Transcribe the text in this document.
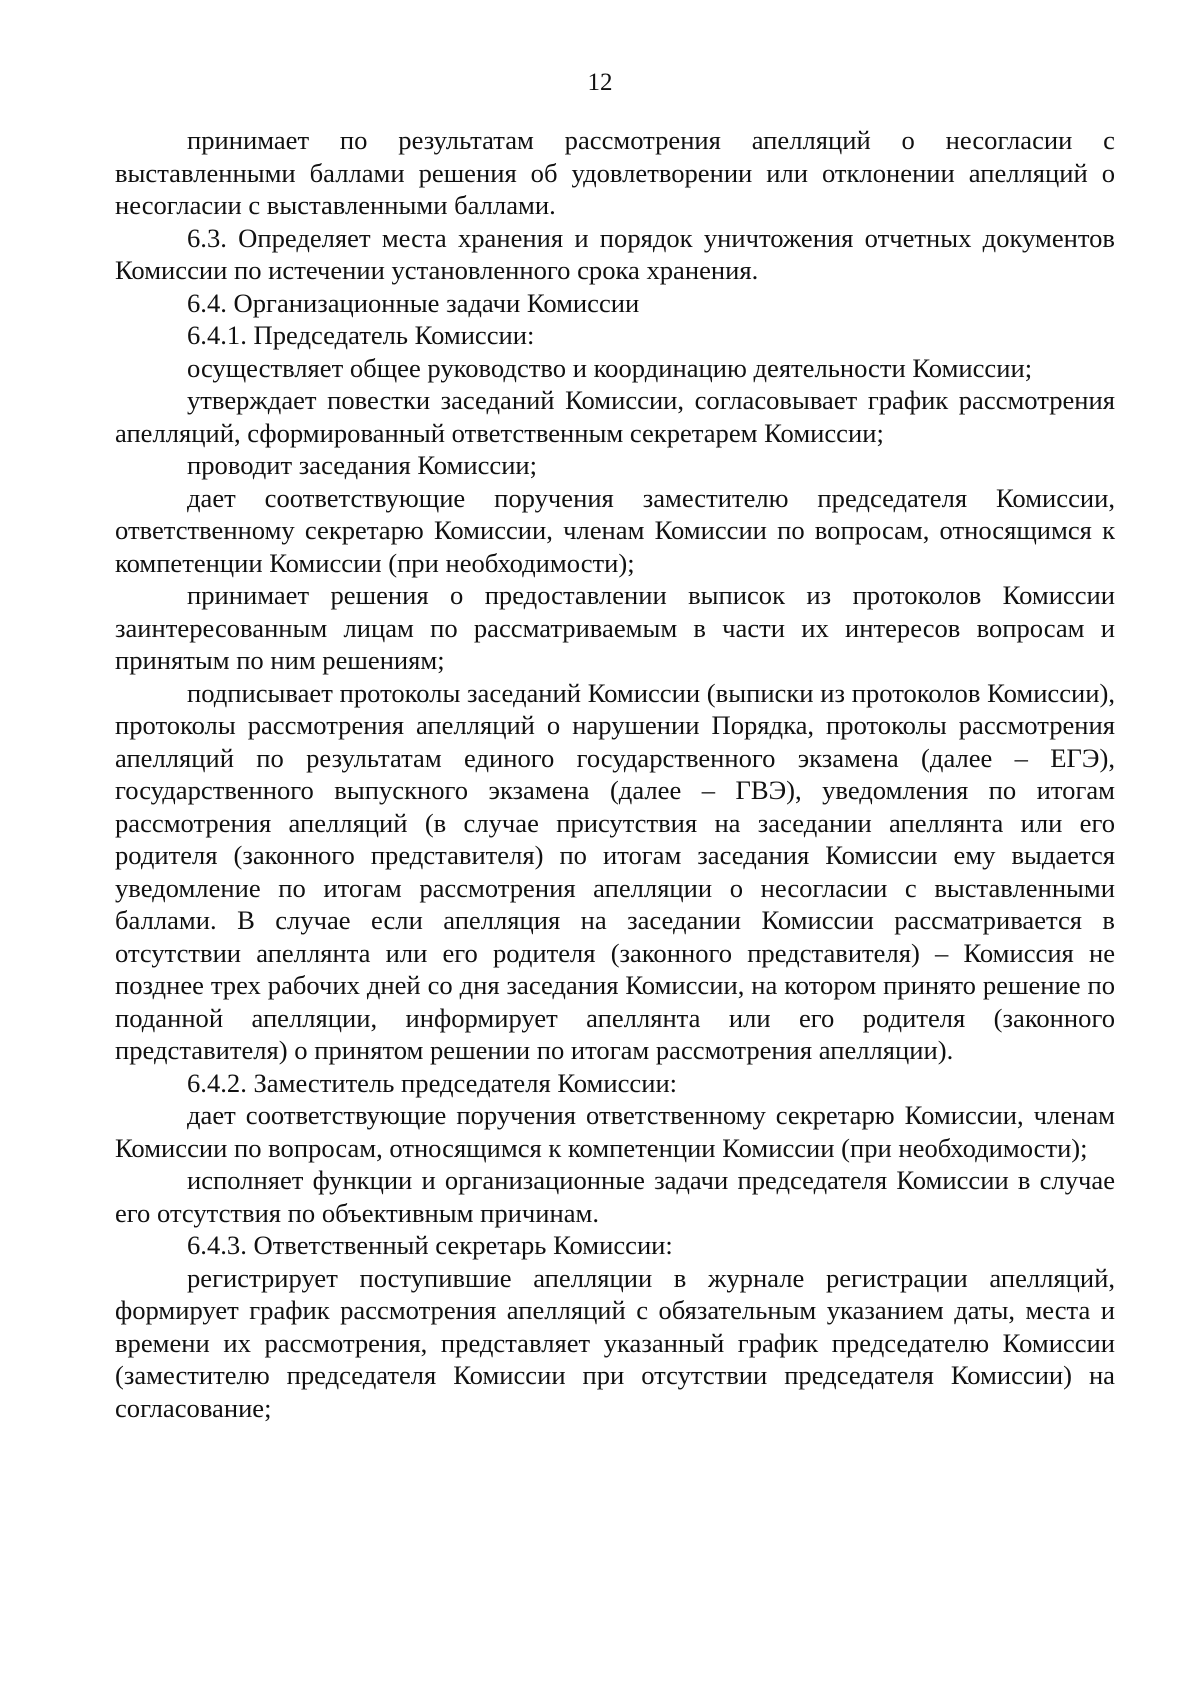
12

принимает по результатам рассмотрения апелляций о несогласии с выставленными баллами решения об удовлетворении или отклонении апелляций о несогласии с выставленными баллами.

6.3. Определяет места хранения и порядок уничтожения отчетных документов Комиссии по истечении установленного срока хранения.

6.4. Организационные задачи Комиссии

6.4.1. Председатель Комиссии:

осуществляет общее руководство и координацию деятельности Комиссии;

утверждает повестки заседаний Комиссии, согласовывает график рассмотрения апелляций, сформированный ответственным секретарем Комиссии;

проводит заседания Комиссии;

дает соответствующие поручения заместителю председателя Комиссии, ответственному секретарю Комиссии, членам Комиссии по вопросам, относящимся к компетенции Комиссии (при необходимости);

принимает решения о предоставлении выписок из протоколов Комиссии заинтересованным лицам по рассматриваемым в части их интересов вопросам и принятым по ним решениям;

подписывает протоколы заседаний Комиссии (выписки из протоколов Комиссии), протоколы рассмотрения апелляций о нарушении Порядка, протоколы рассмотрения апелляций по результатам единого государственного экзамена (далее – ЕГЭ), государственного выпускного экзамена (далее – ГВЭ), уведомления по итогам рассмотрения апелляций (в случае присутствия на заседании апеллянта или его родителя (законного представителя) по итогам заседания Комиссии ему выдается уведомление по итогам рассмотрения апелляции о несогласии с выставленными баллами. В случае если апелляция на заседании Комиссии рассматривается в отсутствии апеллянта или его родителя (законного представителя) – Комиссия не позднее трех рабочих дней со дня заседания Комиссии, на котором принято решение по поданной апелляции, информирует апеллянта или его родителя (законного представителя) о принятом решении по итогам рассмотрения апелляции).

6.4.2. Заместитель председателя Комиссии:

дает соответствующие поручения ответственному секретарю Комиссии, членам Комиссии по вопросам, относящимся к компетенции Комиссии (при необходимости);

исполняет функции и организационные задачи председателя Комиссии в случае его отсутствия по объективным причинам.

6.4.3. Ответственный секретарь Комиссии:

регистрирует поступившие апелляции в журнале регистрации апелляций, формирует график рассмотрения апелляций с обязательным указанием даты, места и времени их рассмотрения, представляет указанный график председателю Комиссии (заместителю председателя Комиссии при отсутствии председателя Комиссии) на согласование;
